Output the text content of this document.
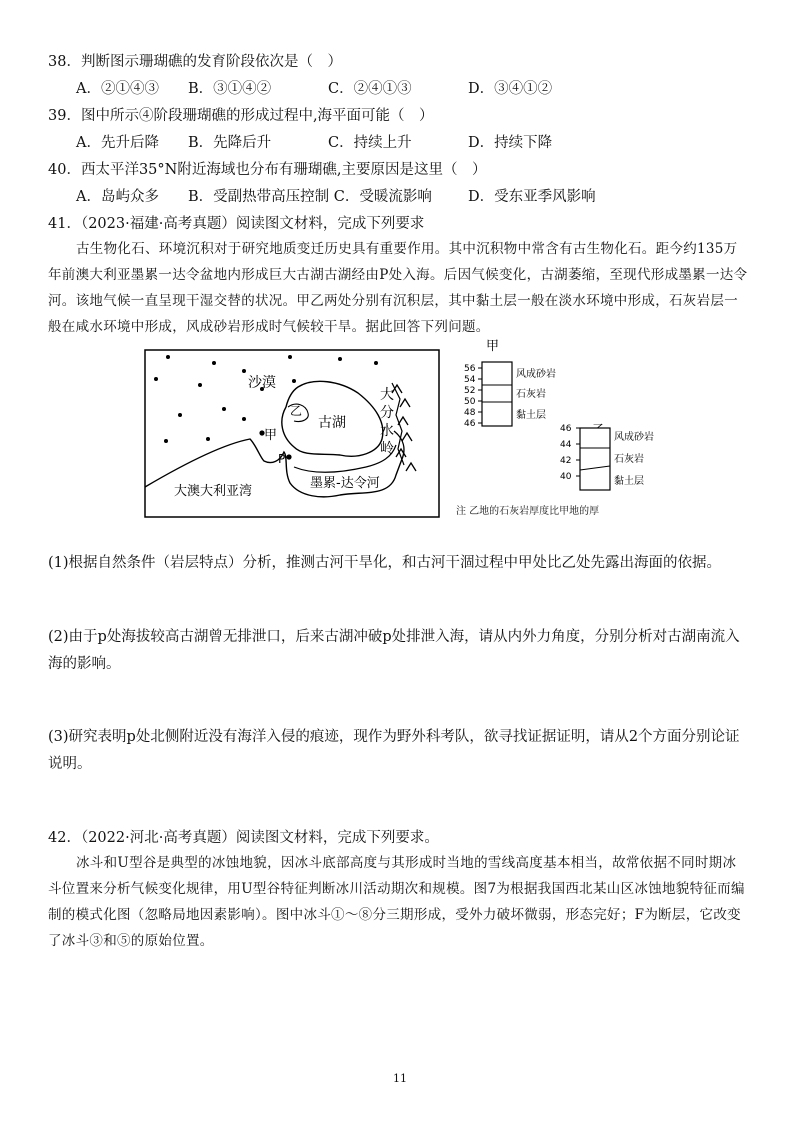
38．判断图示珊瑚礁的发育阶段依次是（　）
A．②①④③ B．③①④②	C．②④①③	D．③④①②
39．图中所示④阶段珊瑚礁的形成过程中,海平面可能（　）
A．先升后降 B．先降后升	C．持续上升	D．持续下降
40．西太平洋35°N附近海域也分布有珊瑚礁,主要原因是这里（　）
A．岛屿众多 B．受副热带高压控制 C．受暖流影响 D．受东亚季风影响
41．（2023·福建·高考真题）阅读图文材料，完成下列要求
古生物化石、环境沉积对于研究地质变迁历史具有重要作用。其中沉积物中常含有古生物化石。距今约135万年前澳大利亚墨累一达令盆地内形成巨大古湖古湖经由P处入海。后因气候变化，古湖萎缩，至现代形成墨累一达令河。该地气候一直呈现干湿交替的状况。甲乙两处分别有沉积层，其中黏土层一般在淡水环境中形成，石灰岩层一般在咸水环境中形成，风成砂岩形成时气候较干旱。据此回答下列问题。
沙漠
古湖
甲
乙
P
大
分
水
岭
大澳大利亚湾
墨累-达令河
甲
56
54
52
50
48
46
风成砂岩
石灰岩
黏土层
46
44
42
40
风成砂岩
石灰岩
黏土层
注 乙地的石灰岩厚度比甲地的厚
(1)根据自然条件（岩层特点）分析，推测古河干旱化，和古河干涸过程中甲处比乙处先露出海面的依据。
(2)由于p处海拔较高古湖曾无排泄口，后来古湖冲破p处排泄入海，请从内外力角度，分别分析对古湖南流入海的影响。
(3)研究表明p处北侧附近没有海洋入侵的痕迹，现作为野外科考队，欲寻找证据证明，请从2个方面分别论证说明。
42．（2022·河北·高考真题）阅读图文材料，完成下列要求。
冰斗和U型谷是典型的冰蚀地貌，因冰斗底部高度与其形成时当地的雪线高度基本相当，故常依据不同时期冰斗位置来分析气候变化规律，用U型谷特征判断冰川活动期次和规模。图7为根据我国西北某山区冰蚀地貌特征而编制的模式化图（忽略局地因素影响）。图中冰斗①～⑧分三期形成，受外力破坏微弱，形态完好；F为断层，它改变了冰斗③和⑤的原始位置。
11
